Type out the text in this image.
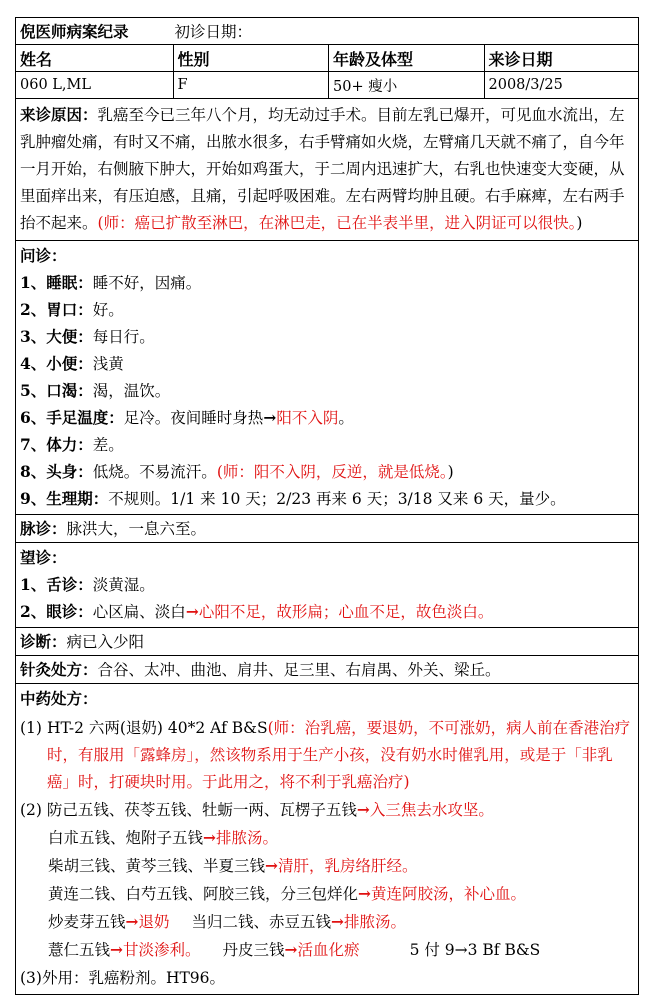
倪医师病案纪录	初诊日期：
姓名	性别	年龄及体型	来诊日期
060 L,ML	F	50+ 瘦小	2008/3/25
来诊原因：乳癌至今已三年八个月，均无动过手术。目前左乳已爆开，可见血水流出，左乳肿瘤处痛，有时又不痛，出脓水很多，右手臂痛如火烧，左臂痛几天就不痛了，自今年一月开始，右侧腋下肿大，开始如鸡蛋大，于二周内迅速扩大，右乳也快速变大变硬，从里面痒出来，有压迫感，且痛，引起呼吸困难。左右两臂均肿且硬。右手麻痺，左右两手抬不起来。(师：癌已扩散至淋巴，在淋巴走，已在半表半里，进入阴证可以很快。)
问诊：
1、睡眠：睡不好，因痛。
2、胃口：好。
3、大便：每日行。
4、小便：浅黄
5、口渴：渴，温饮。
6、手足温度：足冷。夜间睡时身热→阳不入阴。
7、体力：差。
8、头身：低烧。不易流汗。(师：阳不入阴，反逆，就是低烧。)
9、生理期：不规则。1/1 来 10 天；2/23 再来 6 天；3/18 又来 6 天，量少。
脉诊：脉洪大，一息六至。
望诊：
1、舌诊：淡黄湿。
2、眼诊：心区扁、淡白→心阳不足，故形扁；心血不足，故色淡白。
诊断：病已入少阳
针灸处方：合谷、太冲、曲池、肩井、足三里、右肩禺、外关、梁丘。
中药处方：
(1) HT-2 六两(退奶) 40*2 Af B&S(师：治乳癌，要退奶，不可涨奶，病人前在香港治疗时，有服用「露蜂房」，然该物系用于生产小孩，没有奶水时催乳用，或是于「非乳癌」时，打硬块时用。于此用之，将不利于乳癌治疗)
(2) 防己五钱、茯苓五钱、牡蛎一两、瓦楞子五钱→入三焦去水攻坚。
白朮五钱、炮附子五钱→排脓汤。
柴胡三钱、黄芩三钱、半夏三钱→清肝，乳房络肝经。
黄连二钱、白芍五钱、阿胶三钱，分三包烊化→黄连阿胶汤，补心血。
炒麦芽五钱→退奶 当归二钱、赤豆五钱→排脓汤。
薏仁五钱→甘淡渗利。 丹皮三钱→活血化瘀	5 付 9→3 Bf B&S
(3)外用：乳癌粉剂。HT96。
